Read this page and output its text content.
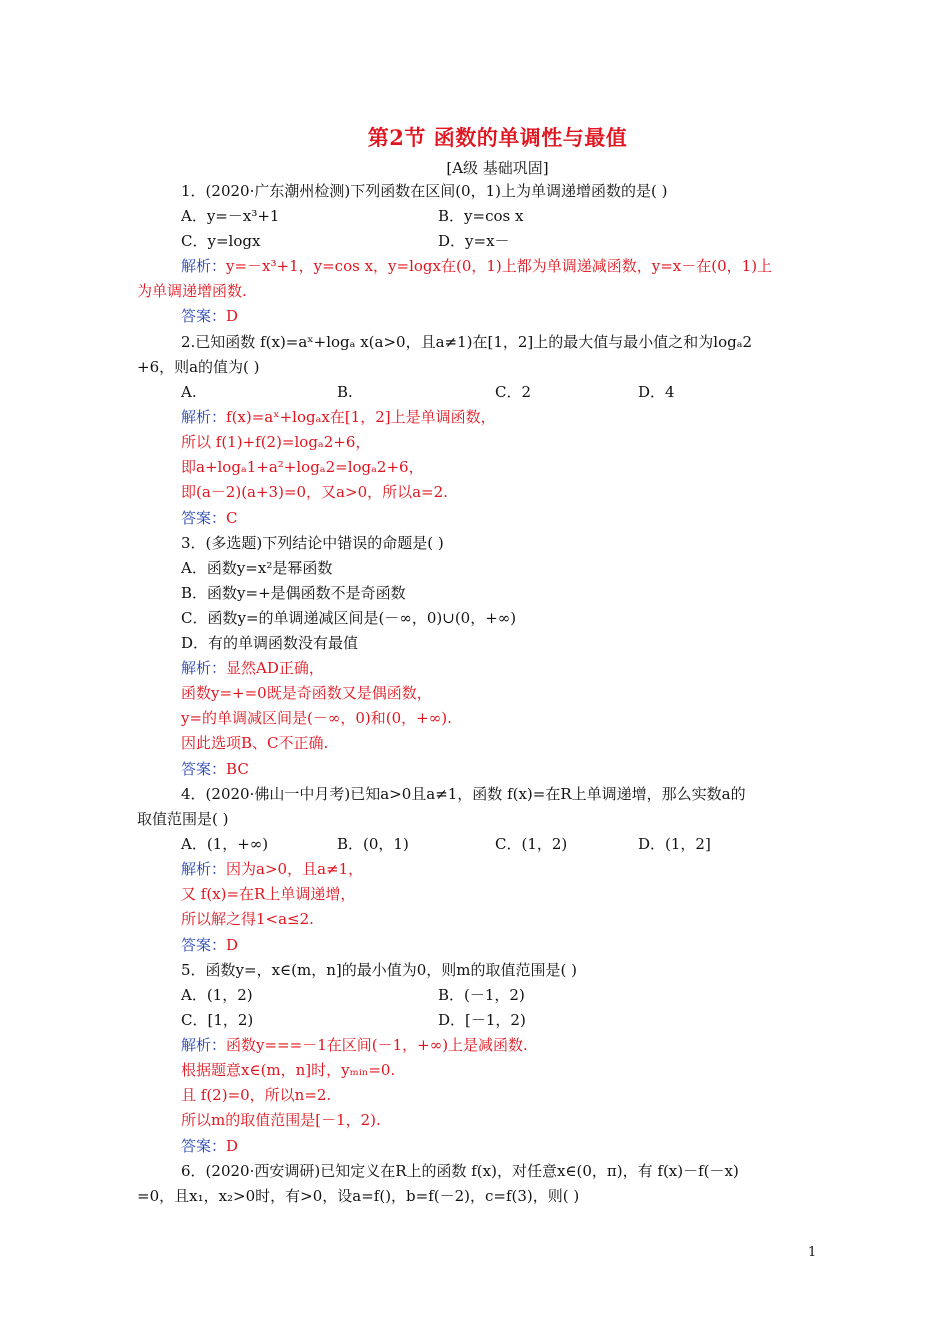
第2节 函数的单调性与最值
[A级 基础巩固]
1．(2020·广东潮州检测)下列函数在区间(0，1)上为单调递增函数的是( )
A．y=－x³+1	B．y=cos x
C．y=logx	D．y=x－
解析：y=－x³+1，y=cos x，y=logx在(0，1)上都为单调递减函数，y=x－在(0，1)上
为单调递增函数.
答案：D
2.已知函数 f(x)=aˣ+logₐ x(a>0，且a≠1)在[1，2]上的最大值与最小值之和为logₐ2
+6，则a的值为( )
A.	B.	C．2	D．4
解析：f(x)=aˣ+logₐx在[1，2]上是单调函数，
所以 f(1)+f(2)=logₐ2+6，
即a+logₐ1+a²+logₐ2=logₐ2+6，
即(a－2)(a+3)=0，又a>0，所以a=2.
答案：C
3．(多选题)下列结论中错误的命题是( )
A．函数y=x²是幂函数
B．函数y=+是偶函数不是奇函数
C．函数y=的单调递减区间是(－∞，0)∪(0，+∞)
D．有的单调函数没有最值
解析：显然AD正确，
函数y=+=0既是奇函数又是偶函数，
y=的单调减区间是(－∞，0)和(0，+∞).
因此选项B、C不正确.
答案：BC
4．(2020·佛山一中月考)已知a>0且a≠1，函数 f(x)=在R上单调递增，那么实数a的
取值范围是( )
A．(1，+∞)	B．(0，1)	C．(1，2)	D．(1，2]
解析：因为a>0，且a≠1，
又 f(x)=在R上单调递增，
所以解之得1<a≤2.
答案：D
5．函数y=，x∈(m，n]的最小值为0，则m的取值范围是( )
A．(1，2)	B．(－1，2)
C．[1，2)	D．[－1，2)
解析：函数y===－1在区间(－1，+∞)上是减函数.
根据题意x∈(m，n]时，yₘᵢₙ=0.
且 f(2)=0，所以n=2.
所以m的取值范围是[－1，2).
答案：D
6．(2020·西安调研)已知定义在R上的函数 f(x)，对任意x∈(0，π)，有 f(x)－f(－x)
=0，且x₁，x₂>0时，有>0，设a=f()，b=f(－2)，c=f(3)，则( )
1
